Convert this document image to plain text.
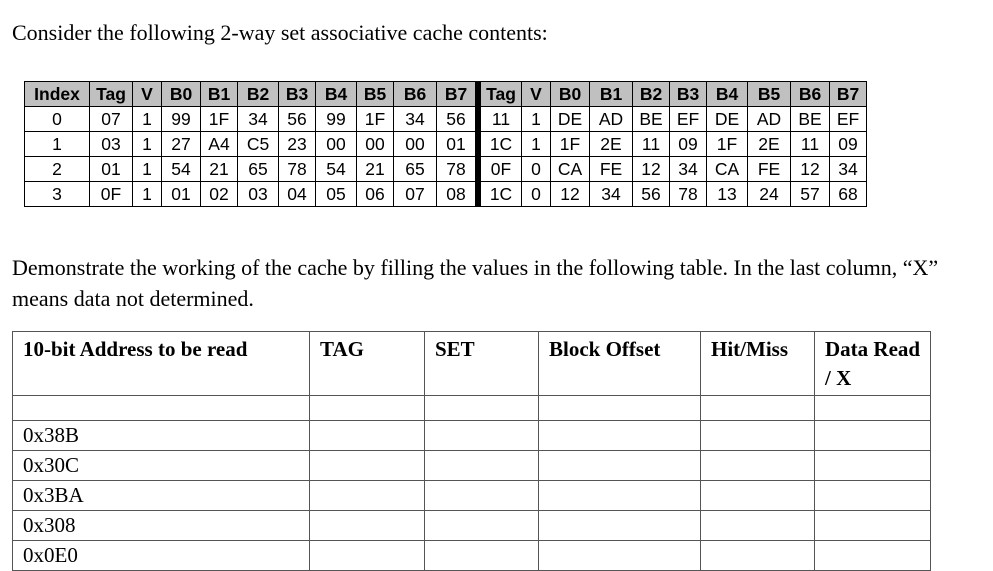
Consider the following 2-way set associative cache contents:
Index	Tag	V	B0	B1	B2	B3	B4	B5	B6	B7	Tag	V	B0	B1	B2	B3	B4	B5	B6	B7
0	07	1	99	1F	34	56	99	1F	34	56	11	1	DE	AD	BE	EF	DE	AD	BE	EF
1	03	1	27	A4	C5	23	00	00	00	01	1C	1	1F	2E	11	09	1F	2E	11	09
2	01	1	54	21	65	78	54	21	65	78	0F	0	CA	FE	12	34	CA	FE	12	34
3	0F	1	01	02	03	04	05	06	07	08	1C	0	12	34	56	78	13	24	57	68
Demonstrate the working of the cache by filling the values in the following table. In the last column, “X” means data not determined.
10-bit Address to be read	TAG	SET	Block Offset	Hit/Miss	Data Read / X

0x38B					
0x30C					
0x3BA					
0x308					
0x0E0					
